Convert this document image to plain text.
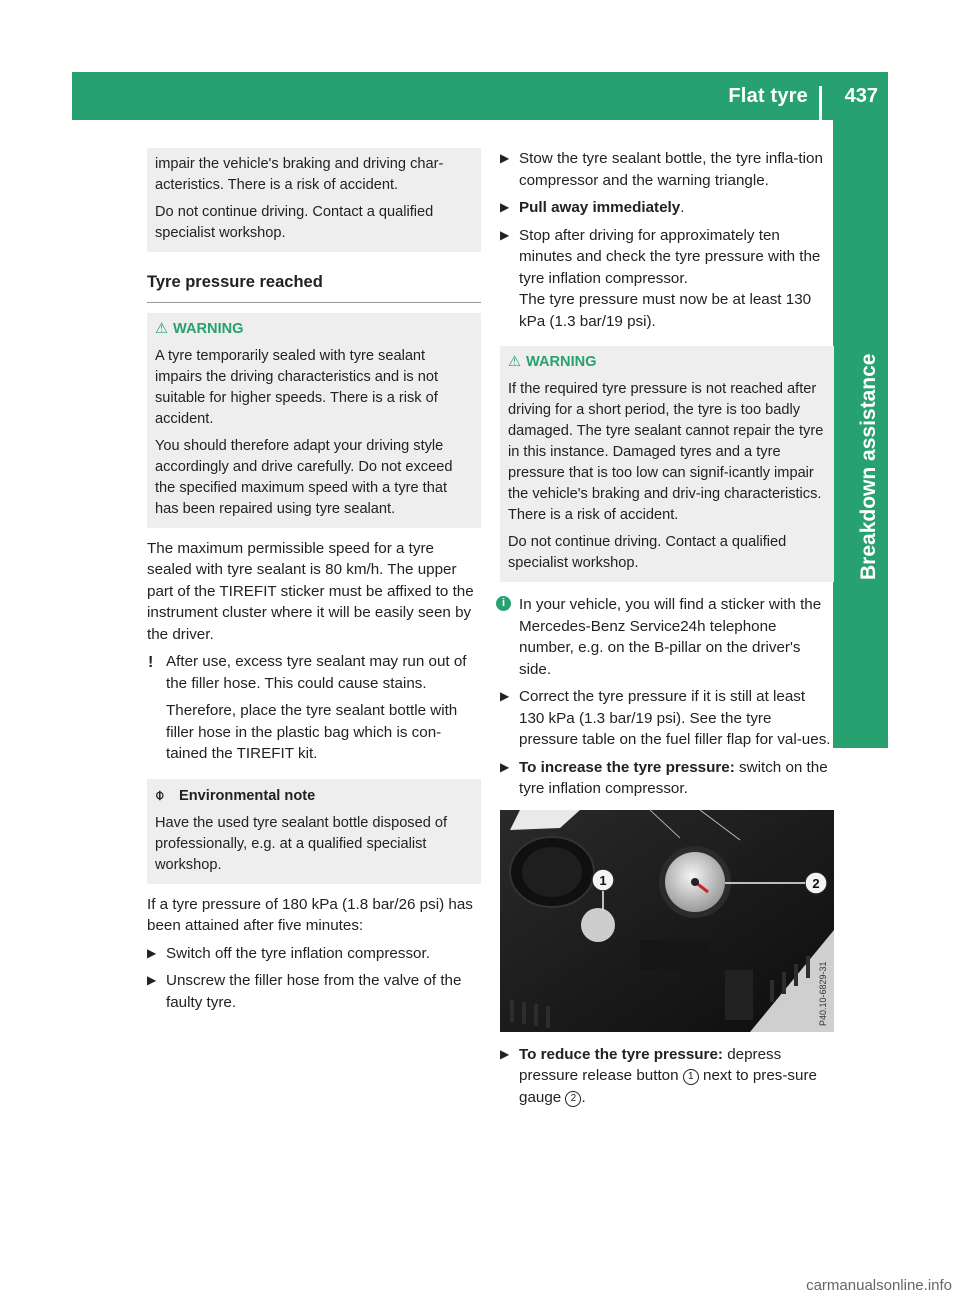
Flat tyre 437
Breakdown assistance

impair the vehicle's braking and driving char-acteristics. There is a risk of accident.

Do not continue driving. Contact a qualified specialist workshop.

Tyre pressure reached

⚠ WARNING

A tyre temporarily sealed with tyre sealant impairs the driving characteristics and is not suitable for higher speeds. There is a risk of accident.

You should therefore adapt your driving style accordingly and drive carefully. Do not exceed the specified maximum speed with a tyre that has been repaired using tyre sealant.

The maximum permissible speed for a tyre sealed with tyre sealant is 80 km/h. The upper part of the TIREFIT sticker must be affixed to the instrument cluster where it will be easily seen by the driver.

! After use, excess tyre sealant may run out of the filler hose. This could cause stains.

Therefore, place the tyre sealant bottle with filler hose in the plastic bag which is con-tained the TIREFIT kit.

⌽ Environmental note

Have the used tyre sealant bottle disposed of professionally, e.g. at a qualified specialist workshop.

If a tyre pressure of 180 kPa (1.8 bar/26 psi) has been attained after five minutes:

▶ Switch off the tyre inflation compressor.
▶ Unscrew the filler hose from the valve of the faulty tyre.
▶ Stow the tyre sealant bottle, the tyre infla-tion compressor and the warning triangle.
▶ Pull away immediately.
▶ Stop after driving for approximately ten minutes and check the tyre pressure with the tyre inflation compressor.
The tyre pressure must now be at least 130 kPa (1.3 bar/19 psi).

⚠ WARNING

If the required tyre pressure is not reached after driving for a short period, the tyre is too badly damaged. The tyre sealant cannot repair the tyre in this instance. Damaged tyres and a tyre pressure that is too low can signif-icantly impair the vehicle's braking and driv-ing characteristics. There is a risk of accident.

Do not continue driving. Contact a qualified specialist workshop.

i In your vehicle, you will find a sticker with the Mercedes-Benz Service24h telephone number, e.g. on the B-pillar on the driver's side.
▶ Correct the tyre pressure if it is still at least 130 kPa (1.3 bar/19 psi). See the tyre pressure table on the fuel filler flap for val-ues.
▶ To increase the tyre pressure: switch on the tyre inflation compressor.
1	2
P40.10-6829-31
▶ To reduce the tyre pressure: depress pressure release button 1 next to pres-sure gauge 2 .
carmanualsonline.info
